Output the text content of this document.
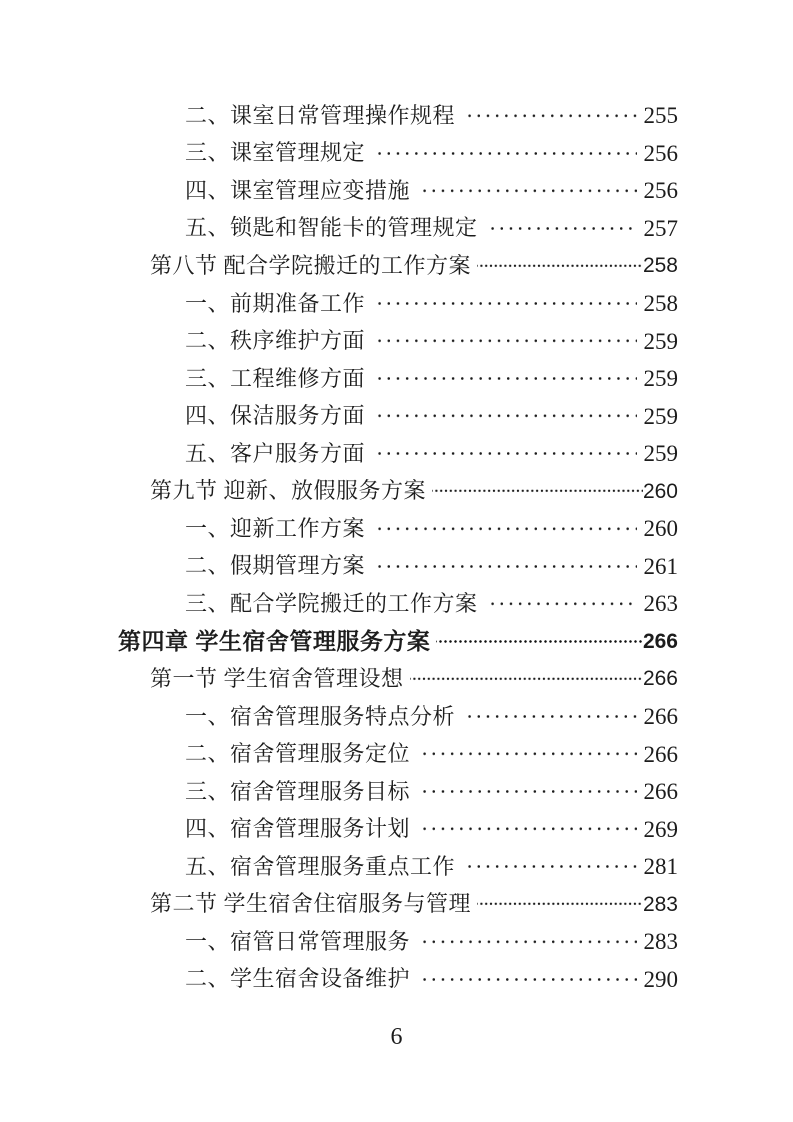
二、课室日常管理操作规程	255
三、课室管理规定	256
四、课室管理应变措施	256
五、锁匙和智能卡的管理规定	257
第八节 配合学院搬迁的工作方案	258
一、前期准备工作	258
二、秩序维护方面	259
三、工程维修方面	259
四、保洁服务方面	259
五、客户服务方面	259
第九节 迎新、放假服务方案	260
一、迎新工作方案	260
二、假期管理方案	261
三、配合学院搬迁的工作方案	263
第四章 学生宿舍管理服务方案	266
第一节 学生宿舍管理设想	266
一、宿舍管理服务特点分析	266
二、宿舍管理服务定位	266
三、宿舍管理服务目标	266
四、宿舍管理服务计划	269
五、宿舍管理服务重点工作	281
第二节 学生宿舍住宿服务与管理	283
一、宿管日常管理服务	283
二、学生宿舍设备维护	290
6
